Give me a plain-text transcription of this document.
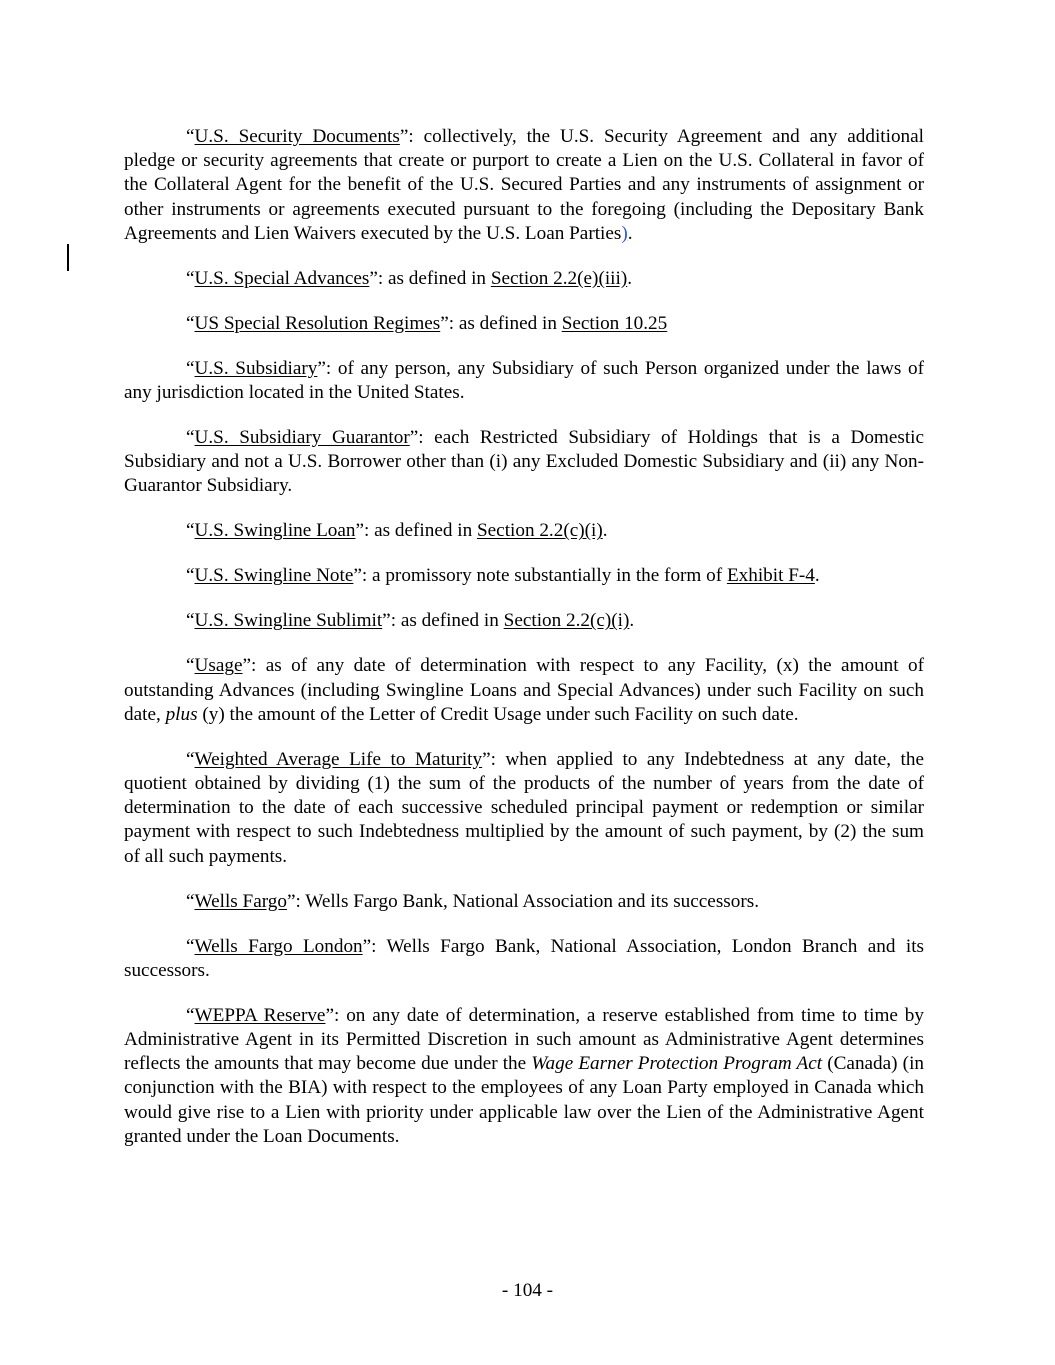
“U.S. Security Documents”: collectively, the U.S. Security Agreement and any additional pledge or security agreements that create or purport to create a Lien on the U.S. Collateral in favor of the Collateral Agent for the benefit of the U.S. Secured Parties and any instruments of assignment or other instruments or agreements executed pursuant to the foregoing (including the Depositary Bank Agreements and Lien Waivers executed by the U.S. Loan Parties).

“U.S. Special Advances”: as defined in Section 2.2(e)(iii).

“US Special Resolution Regimes”: as defined in Section 10.25

“U.S. Subsidiary”: of any person, any Subsidiary of such Person organized under the laws of any jurisdiction located in the United States.

“U.S. Subsidiary Guarantor”: each Restricted Subsidiary of Holdings that is a Domestic Subsidiary and not a U.S. Borrower other than (i) any Excluded Domestic Subsidiary and (ii) any Non-Guarantor Subsidiary.

“U.S. Swingline Loan”: as defined in Section 2.2(c)(i).

“U.S. Swingline Note”: a promissory note substantially in the form of Exhibit F-4.

“U.S. Swingline Sublimit”: as defined in Section 2.2(c)(i).

“Usage”: as of any date of determination with respect to any Facility, (x) the amount of outstanding Advances (including Swingline Loans and Special Advances) under such Facility on such date, plus (y) the amount of the Letter of Credit Usage under such Facility on such date.

“Weighted Average Life to Maturity”: when applied to any Indebtedness at any date, the quotient obtained by dividing (1) the sum of the products of the number of years from the date of determination to the date of each successive scheduled principal payment or redemption or similar payment with respect to such Indebtedness multiplied by the amount of such payment, by (2) the sum of all such payments.

“Wells Fargo”: Wells Fargo Bank, National Association and its successors.

“Wells Fargo London”: Wells Fargo Bank, National Association, London Branch and its successors.

“WEPPA Reserve”: on any date of determination, a reserve established from time to time by Administrative Agent in its Permitted Discretion in such amount as Administrative Agent determines reflects the amounts that may become due under the Wage Earner Protection Program Act (Canada) (in conjunction with the BIA) with respect to the employees of any Loan Party employed in Canada which would give rise to a Lien with priority under applicable law over the Lien of the Administrative Agent granted under the Loan Documents.

- 104 -
